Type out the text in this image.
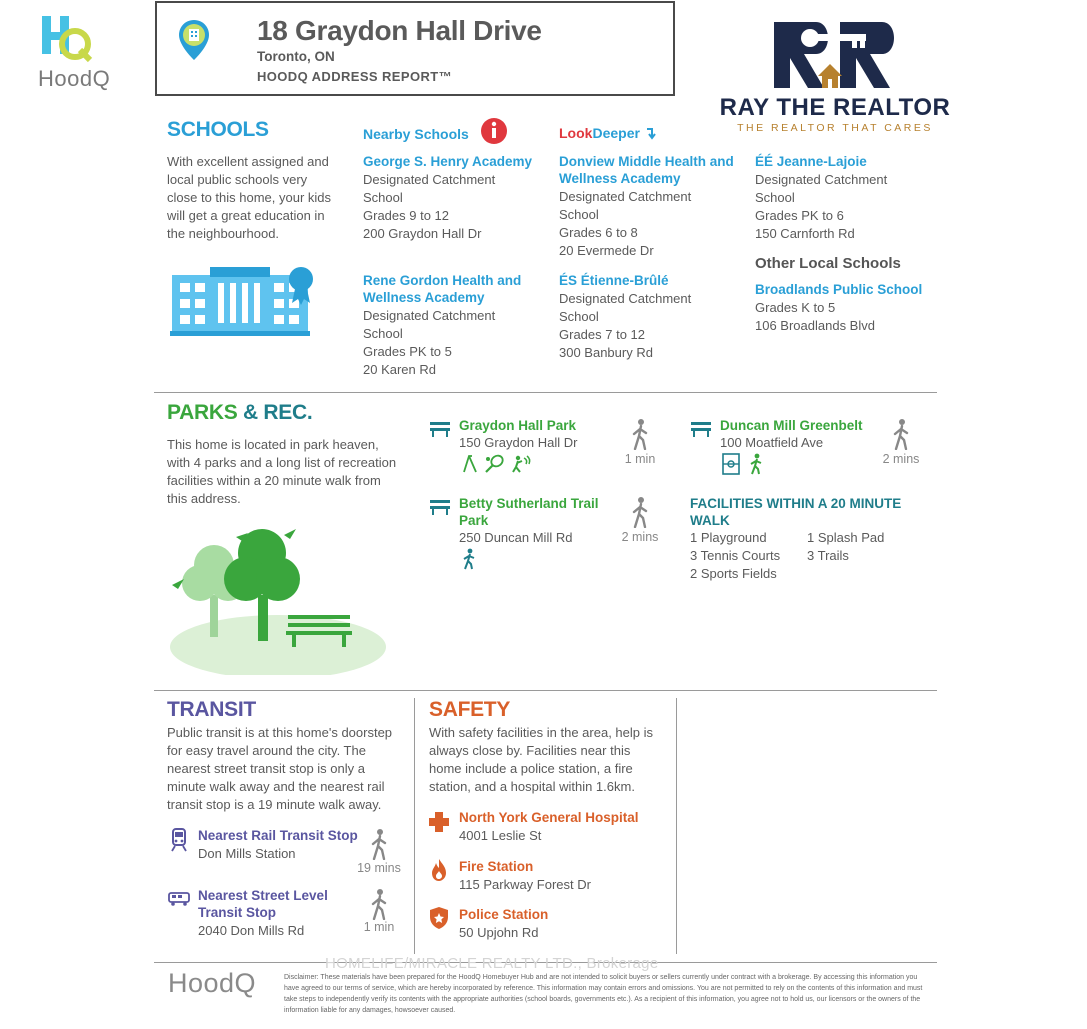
HoodQ
18 Graydon Hall Drive
Toronto, ON
HOODQ ADDRESS REPORT™
RAY THE REALTOR
THE REALTOR THAT CARES
SCHOOLS
With excellent assigned and local public schools very close to this home, your kids will get a great education in the neighbourhood.
Nearby Schools	LookDeeper
George S. Henry Academy
Designated Catchment School
Grades 9 to 12
200 Graydon Hall Dr
Rene Gordon Health and Wellness Academy
Designated Catchment School
Grades PK to 5
20 Karen Rd
Donview Middle Health and Wellness Academy
Designated Catchment School
Grades 6 to 8
20 Evermede Dr
ÉS Étienne-Brûlé
Designated Catchment School
Grades 7 to 12
300 Banbury Rd
ÉÉ Jeanne-Lajoie
Designated Catchment School
Grades PK to 6
150 Carnforth Rd
Other Local Schools
Broadlands Public School
Grades K to 5
106 Broadlands Blvd
PARKS & REC.
This home is located in park heaven, with 4 parks and a long list of recreation facilities within a 20 minute walk from this address.
Graydon Hall Park
150 Graydon Hall Dr
1 min
Duncan Mill Greenbelt
100 Moatfield Ave
2 mins
Betty Sutherland Trail Park
250 Duncan Mill Rd	2 mins
FACILITIES WITHIN A 20 MINUTE WALK
1 Playground	1 Splash Pad
3 Tennis Courts 3 Trails
2 Sports Fields
TRANSIT
Public transit is at this home's doorstep for easy travel around the city. The nearest street transit stop is only a minute walk away and the nearest rail transit stop is a 19 minute walk away.
Nearest Rail Transit Stop
Don Mills Station
19 mins
Nearest Street Level Transit Stop
2040 Don Mills Rd	1 min
SAFETY
With safety facilities in the area, help is always close by. Facilities near this home include a police station, a fire station, and a hospital within 1.6km.
North York General Hospital
4001 Leslie St
Fire Station
115 Parkway Forest Dr
Police Station
50 Upjohn Rd
HOMELIFE/MIRACLE REALTY LTD., Brokerage
HoodQ	Disclaimer: These materials have been prepared for the HoodQ Homebuyer Hub and are not intended to solicit buyers or sellers currently under contract with a brokerage. By accessing this information you have agreed to our terms of service, which are hereby incorporated by reference. This information may contain errors and omissions. You are not permitted to rely on the contents of this information and must take steps to independently verify its contents with the appropriate authorities (school boards, governments etc.). As a recipient of this information, you agree not to hold us, our licensors or the owners of the information liable for any damages, howsoever caused.
